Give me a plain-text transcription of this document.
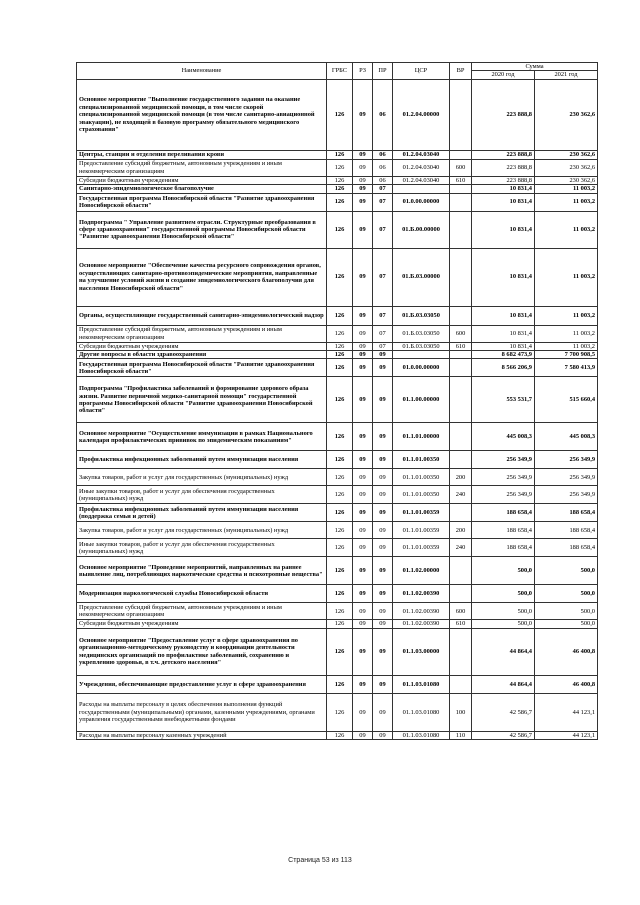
Наименование	ГРБС	РЗ	ПР	ЦСР	ВР	Сумма	
						2020 год	2021 год
Основное мероприятие "Выполнение государственного задания на оказание специализированной медицинской помощи, в том числе скорой специализированной медицинской помощи (в том числе санитарно-авиационной эвакуации), не входящей в базовую программу обязательного медицинского страхования"	126	09	06	01.2.04.00000		223 888,8	230 362,6
Центры, станции и отделения переливания крови	126	09	06	01.2.04.03040		223 888,8	230 362,6
Предоставление субсидий бюджетным, автономным учреждениям и иным некоммерческим организациям	126	09	06	01.2.04.03040	600	223 888,8	230 362,6
Субсидии бюджетным учреждениям	126	09	06	01.2.04.03040	610	223 888,8	230 362,6
Санитарно-эпидемиологическое благополучие	126	09	07			10 831,4	11 003,2
Государственная программа Новосибирской области "Развитие здравоохранения Новосибирской области"	126	09	07	01.0.00.00000		10 831,4	11 003,2
Подпрограмма " Управление развитием отрасли. Структурные преобразования в сфере здравоохранения" государственной программы Новосибирской области "Развитие здравоохранения Новосибирской области"	126	09	07	01.Б.00.00000		10 831,4	11 003,2
Основное мероприятие "Обеспечение качества ресурсного сопровождения органов, осуществляющих санитарно-противоэпидемические мероприятия, направленные на улучшение условий жизни и создание эпидемиологического благополучия для населения Новосибирской области"	126	09	07	01.Б.03.00000		10 831,4	11 003,2
Органы, осуществляющие государственный санитарно-эпидемиологический надзор	126	09	07	01.Б.03.03050		10 831,4	11 003,2
Предоставление субсидий бюджетным, автономным учреждениям и иным некоммерческим организациям	126	09	07	01.Б.03.03050	600	10 831,4	11 003,2
Субсидии бюджетным учреждениям	126	09	07	01.Б.03.03050	610	10 831,4	11 003,2
Другие вопросы в области здравоохранения	126	09	09			8 682 473,9	7 700 908,5
Государственная программа Новосибирской области "Развитие здравоохранения Новосибирской области"	126	09	09	01.0.00.00000		8 566 206,9	7 580 413,9
Подпрограмма "Профилактика заболеваний и формирование здорового образа жизни. Развитие первичной медико-санитарной помощи" государственной программы Новосибирской области "Развитие здравоохранения Новосибирской области"	126	09	09	01.1.00.00000		553 531,7	515 660,4
Основное мероприятие "Осуществление иммунизации в рамках Национального календаря профилактических прививок по эпидемическим показаниям"	126	09	09	01.1.01.00000		445 008,3	445 008,3
Профилактика инфекционных заболеваний путем иммунизации населения	126	09	09	01.1.01.00350		256 349,9	256 349,9
Закупка товаров, работ и услуг для государственных (муниципальных) нужд	126	09	09	01.1.01.00350	200	256 349,9	256 349,9
Иные закупки товаров, работ и услуг для обеспечения государственных (муниципальных) нужд	126	09	09	01.1.01.00350	240	256 349,9	256 349,9
Профилактика инфекционных заболеваний путем иммунизации населения (поддержка семьи и детей)	126	09	09	01.1.01.00359		188 658,4	188 658,4
Закупка товаров, работ и услуг для государственных (муниципальных) нужд	126	09	09	01.1.01.00359	200	188 658,4	188 658,4
Иные закупки товаров, работ и услуг для обеспечения государственных (муниципальных) нужд	126	09	09	01.1.01.00359	240	188 658,4	188 658,4
Основное мероприятие "Проведение мероприятий, направленных на раннее выявление лиц, потребляющих наркотические средства и психотропные вещества"	126	09	09	01.1.02.00000		500,0	500,0
Модернизация наркологической службы Новосибирской области	126	09	09	01.1.02.00390		500,0	500,0
Предоставление субсидий бюджетным, автономным учреждениям и иным некоммерческим организациям	126	09	09	01.1.02.00390	600	500,0	500,0
Субсидии бюджетным учреждениям	126	09	09	01.1.02.00390	610	500,0	500,0
Основное мероприятие "Предоставление услуг в сфере здравоохранения по организационно-методическому руководству и координации деятельности медицинских организаций по профилактике заболеваний, сохранению и укреплению здоровья, в т.ч. детского населения"	126	09	09	01.1.03.00000		44 864,4	46 400,8
Учреждения, обеспечивающие предоставление услуг в сфере здравоохранения	126	09	09	01.1.03.01080		44 864,4	46 400,8
Расходы на выплаты персоналу в целях обеспечения выполнения функций государственными (муниципальными) органами, казенными учреждениями, органами управления государственными внебюджетными фондами	126	09	09	01.1.03.01080	100	42 586,7	44 123,1
Расходы на выплаты персоналу казенных учреждений	126	09	09	01.1.03.01080	110	42 586,7	44 123,1
Страница 53 из 113
